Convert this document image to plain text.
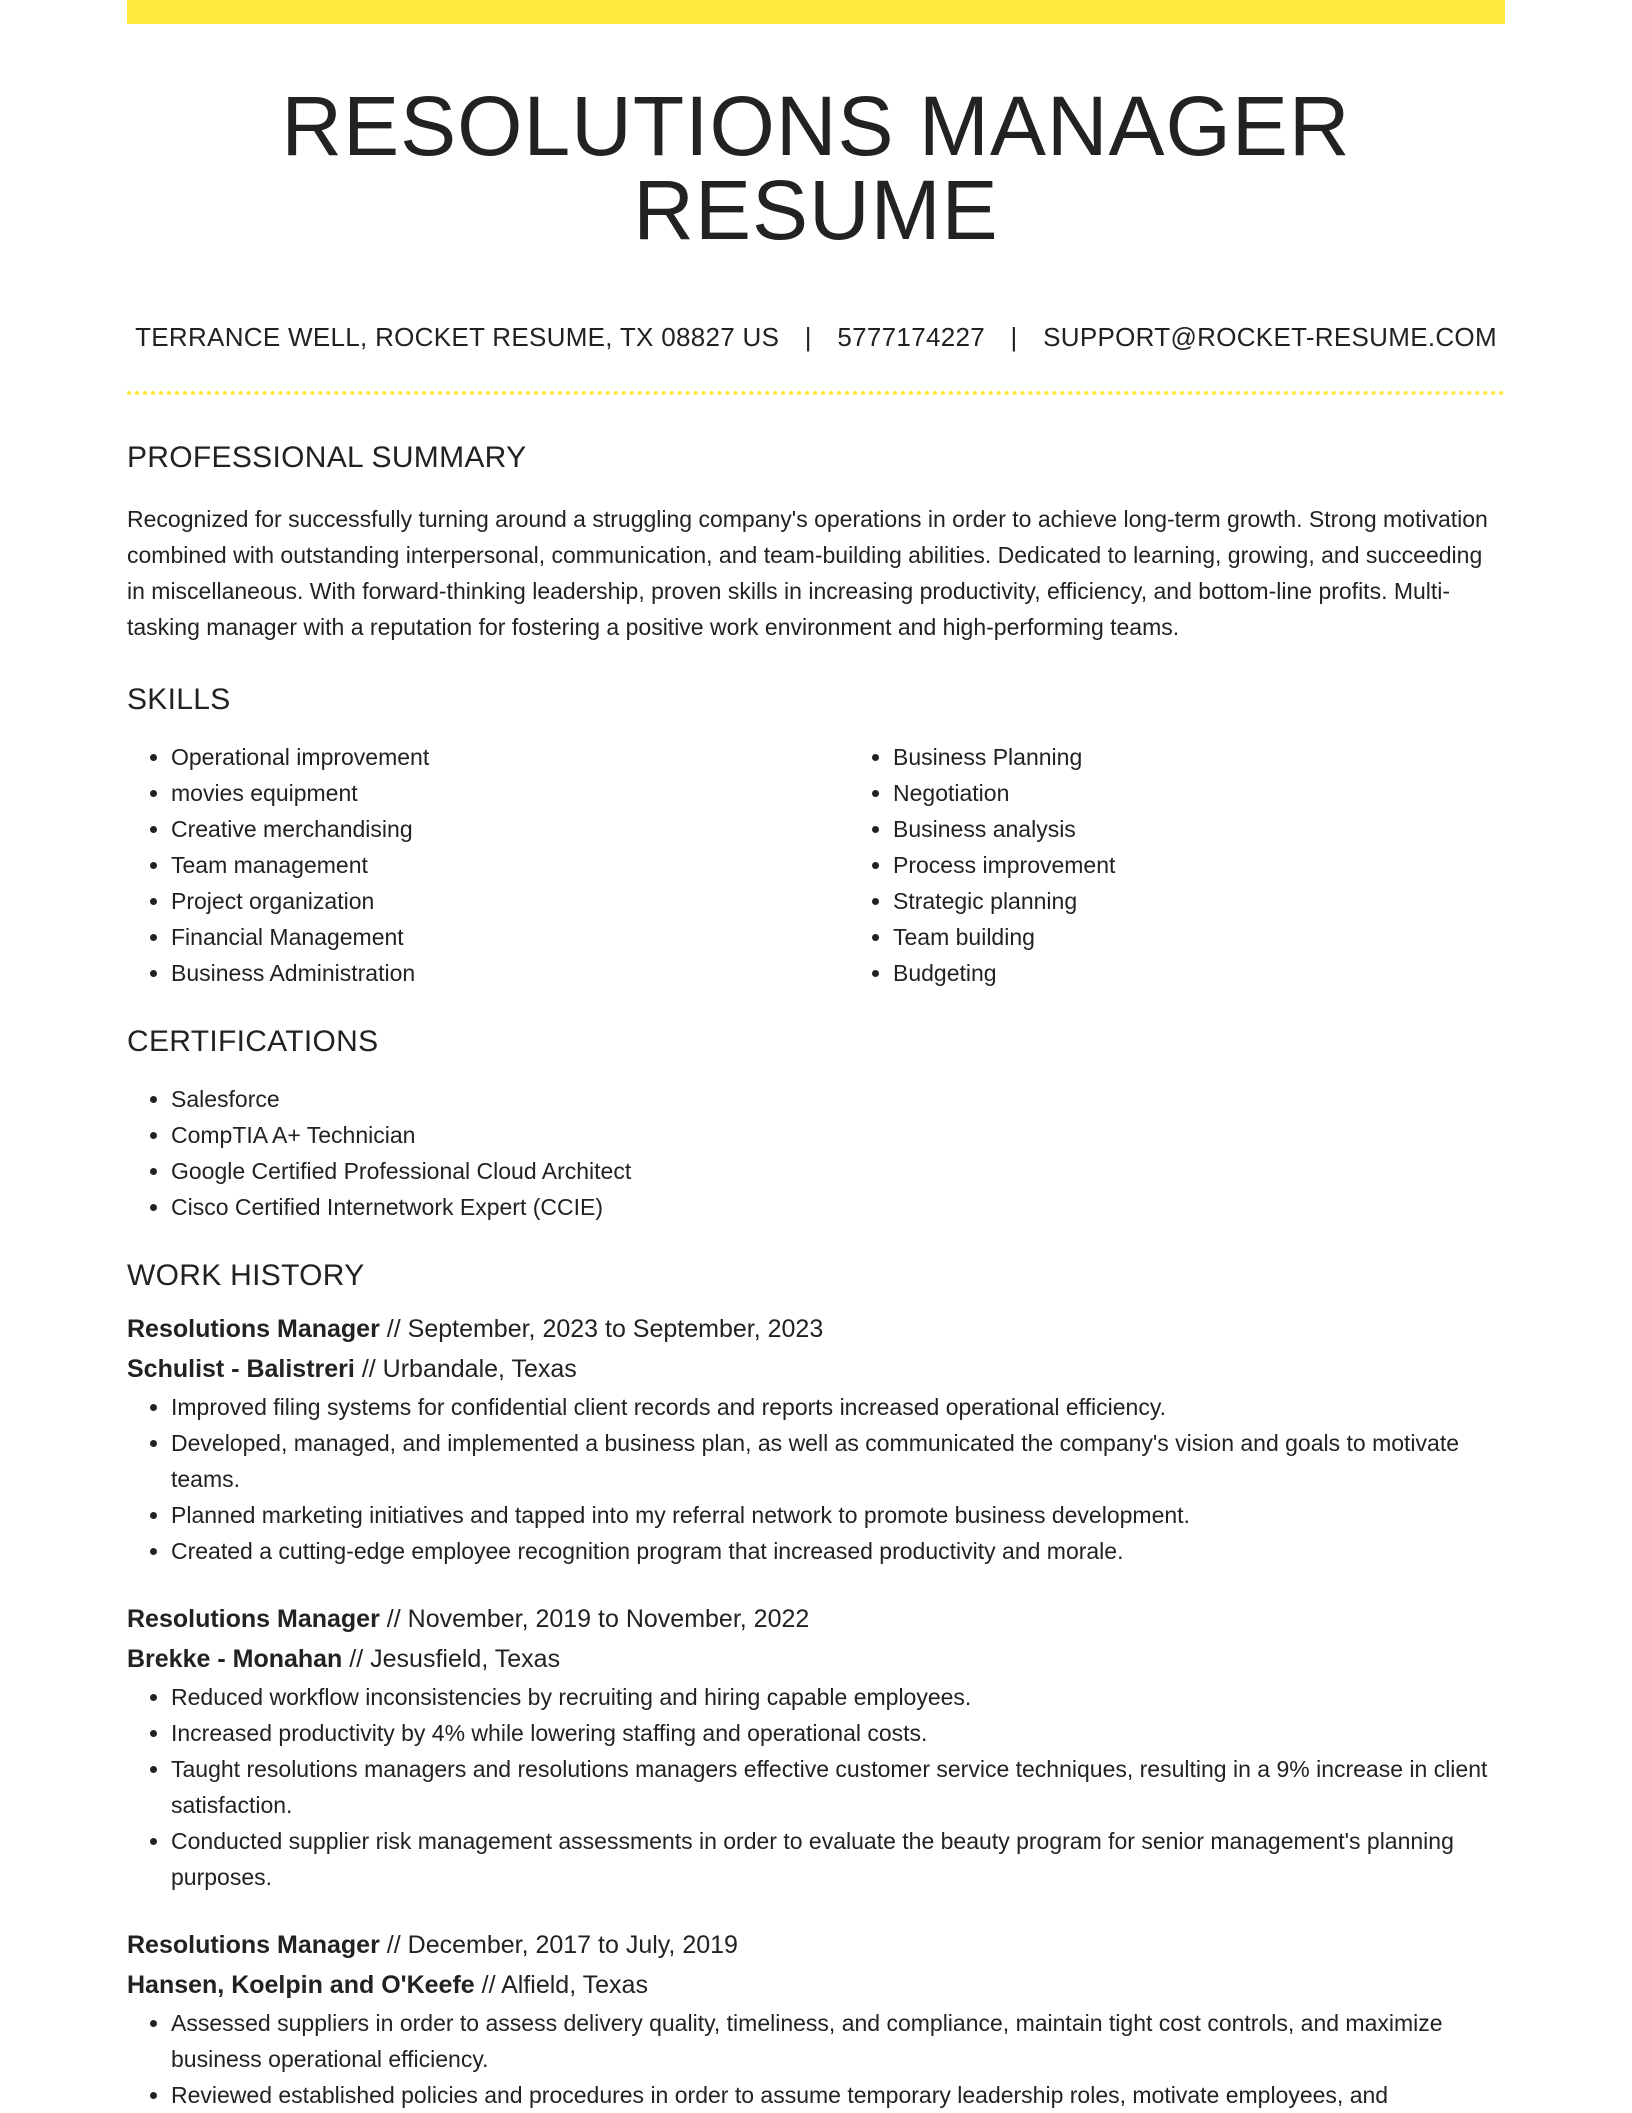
RESOLUTIONS MANAGER RESUME
TERRANCE WELL, ROCKET RESUME, TX 08827 US | 5777174227 | SUPPORT@ROCKET-RESUME.COM
PROFESSIONAL SUMMARY

Recognized for successfully turning around a struggling company's operations in order to achieve long-term growth. Strong motivation combined with outstanding interpersonal, communication, and team-building abilities. Dedicated to learning, growing, and succeeding in miscellaneous. With forward-thinking leadership, proven skills in increasing productivity, efficiency, and bottom-line profits. Multi-tasking manager with a reputation for fostering a positive work environment and high-performing teams.

SKILLS
• Operational improvement
• movies equipment
• Creative merchandising
• Team management
• Project organization
• Financial Management
• Business Administration
• Business Planning
• Negotiation
• Business analysis
• Process improvement
• Strategic planning
• Team building
• Budgeting
CERTIFICATIONS
• Salesforce
• CompTIA A+ Technician
• Google Certified Professional Cloud Architect
• Cisco Certified Internetwork Expert (CCIE)
WORK HISTORY
Resolutions Manager // September, 2023 to September, 2023
Schulist - Balistreri // Urbandale, Texas
• Improved filing systems for confidential client records and reports increased operational efficiency.
• Developed, managed, and implemented a business plan, as well as communicated the company's vision and goals to motivate teams.
• Planned marketing initiatives and tapped into my referral network to promote business development.
• Created a cutting-edge employee recognition program that increased productivity and morale.
Resolutions Manager // November, 2019 to November, 2022
Brekke - Monahan // Jesusfield, Texas
• Reduced workflow inconsistencies by recruiting and hiring capable employees.
• Increased productivity by 4% while lowering staffing and operational costs.
• Taught resolutions managers and resolutions managers effective customer service techniques, resulting in a 9% increase in client satisfaction.
• Conducted supplier risk management assessments in order to evaluate the beauty program for senior management's planning purposes.
Resolutions Manager // December, 2017 to July, 2019
Hansen, Koelpin and O'Keefe // Alfield, Texas
• Assessed suppliers in order to assess delivery quality, timeliness, and compliance, maintain tight cost controls, and maximize business operational efficiency.
• Reviewed established policies and procedures in order to assume temporary leadership roles, motivate employees, and
